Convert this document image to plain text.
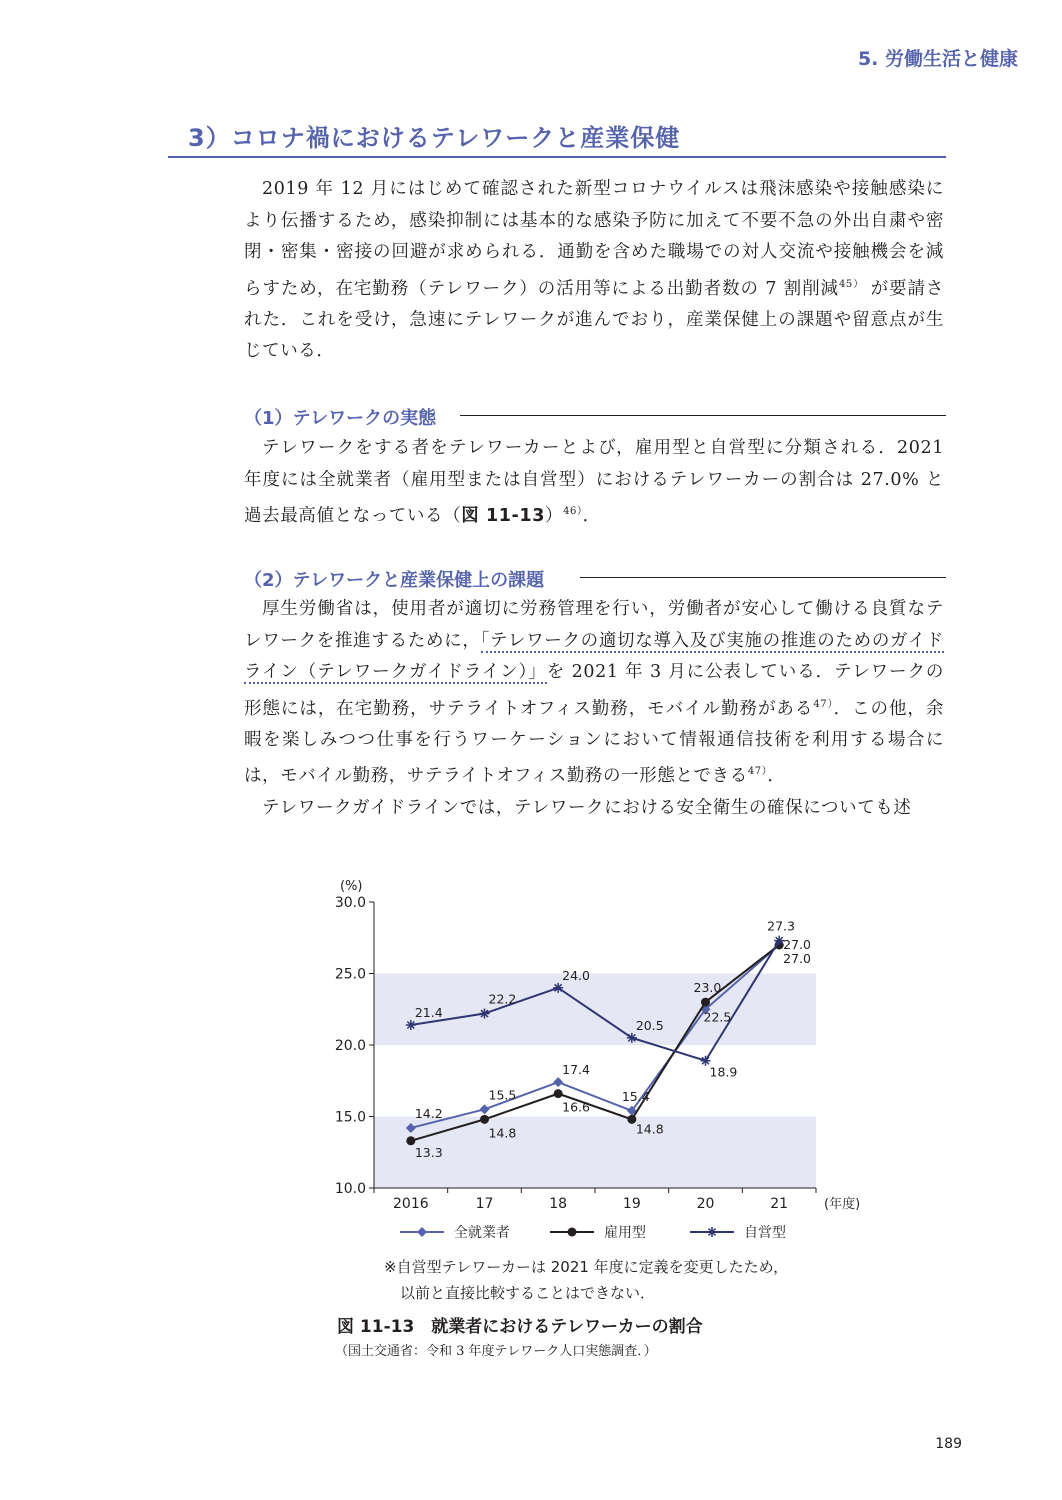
5. 労働生活と健康
3）コロナ禍におけるテレワークと産業保健

2019 年 12 月にはじめて確認された新型コロナウイルスは飛沫感染や接触感染により伝播するため，感染抑制には基本的な感染予防に加えて不要不急の外出自粛や密閉・密集・密接の回避が求められる．通勤を含めた職場での対人交流や接触機会を減らすため，在宅勤務（テレワーク）の活用等による出勤者数の 7 割削減$^{45)}$ が要請された．これを受け，急速にテレワークが進んでおり，産業保健上の課題や留意点が生じている．

（1）テレワークの実態

テレワークをする者をテレワーカーとよび，雇用型と自営型に分類される．2021 年度には全就業者（雇用型または自営型）におけるテレワーカーの割合は 27.0% と過去最高値となっている（図 11-13）$^{46)}$．

（2）テレワークと産業保健上の課題

厚生労働省は，使用者が適切に労務管理を行い，労働者が安心して働ける良質なテレワークを推進するために，「テレワークの適切な導入及び実施の推進のためのガイドライン（テレワークガイドライン）」を 2021 年 3 月に公表している．テレワークの形態には，在宅勤務，サテライトオフィス勤務，モバイル勤務がある$^{47)}$．この他，余暇を楽しみつつ仕事を行うワーケーションにおいて情報通信技術を利用する場合には，モバイル勤務，サテライトオフィス勤務の一形態とできる$^{47)}$．

テレワークガイドラインでは，テレワークにおける安全衛生の確保についても述

(%)
30.0
25.0
20.0
15.0
10.0
2016	17	18	19	20	21	(年度)
14.2
15.5
17.4
15.4
22.5
27.0
13.3
14.8
16.6
14.8
23.0
27.0
21.4
22.2
24.0
20.5
18.9
27.3
全就業者	雇用型	自営型
※自営型テレワーカーは 2021 年度に定義を変更したため，
以前と直接比較することはできない．
図 11-13　就業者におけるテレワーカーの割合
（国土交通省：令和 3 年度テレワーク人口実態調査．）
189
